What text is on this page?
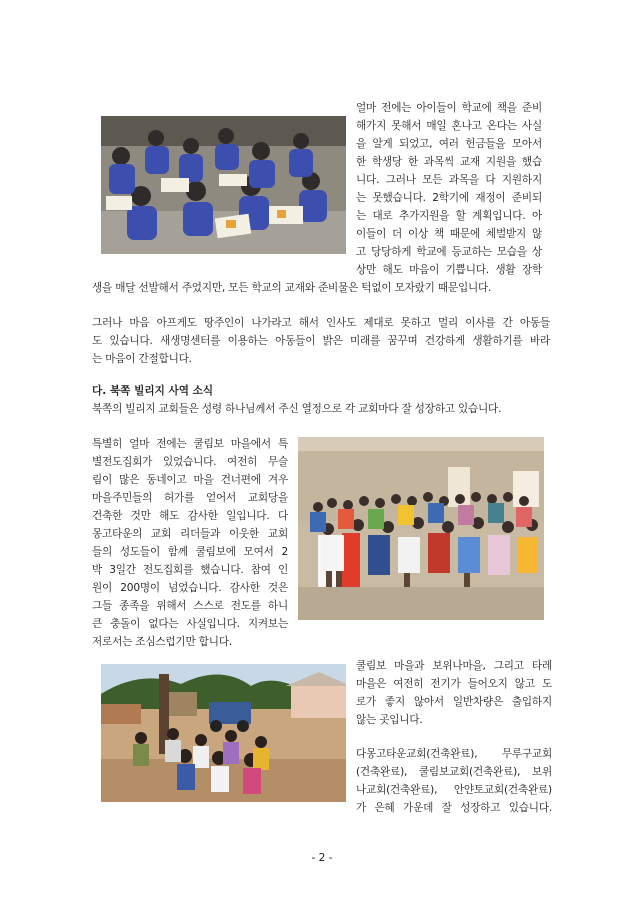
얼마 전에는 아이들이 학교에 책을 준비

해가지 못해서 매일 혼나고 온다는 사실

을 알게 되었고, 여러 헌금들을 모아서

한 학생당 한 과목씩 교재 지원을 했습

니다. 그러나 모든 과목을 다 지원하지

는 못했습니다. 2학기에 재정이 준비되

는 대로 추가지원을 할 계획입니다. 아

이들이 더 이상 책 때문에 체벌받지 않

고 당당하게 학교에 등교하는 모습을 상

상만 해도 마음이 기쁩니다. 생활 장학

생을 매달 선발해서 주었지만, 모든 학교의 교재와 준비물은 턱없이 모자랐기 때문입니다.

그러나 마음 아프게도 땅주인이 나가라고 해서 인사도 제대로 못하고 멀리 이사를 간 아동들

도 있습니다. 새생명센터를 이용하는 아동들이 밝은 미래를 꿈꾸며 건강하게 생활하기를 바라

는 마음이 간절합니다.

다. 북쪽 빌리지 사역 소식

북쪽의 빌리지 교회들은 성령 하나님께서 주신 열정으로 각 교회마다 잘 성장하고 있습니다.

특별히 얼마 전에는 쿨림보 마을에서 특

별전도집회가 있었습니다. 여전히 무슬

림이 많은 동네이고 마을 건너편에 겨우

마을주민들의 허가를 얻어서 교회당을

건축한 것만 해도 감사한 일입니다. 다

몽고타운의 교회 리더들과 이웃한 교회

들의 성도들이 함께 쿨림보에 모여서 2

박 3일간 전도집회를 했습니다. 참여 인

원이 200명이 넘었습니다. 감사한 것은

그들 종족을 위해서 스스로 전도를 하니

큰 충돌이 없다는 사실입니다. 지켜보는

저로서는 조심스럽기만 합니다.

쿨림보 마을과 보위나마을, 그리고 타레

마을은 여전히 전기가 들어오지 않고 도

로가 좋지 않아서 일반차량은 출입하지

않는 곳입니다.

다몽고타운교회(건축완료), 무루구교회

(건축완료), 쿨림보교회(건축완료), 보위

나교회(건축완료), 안얀토교회(건축완료)

가 은혜 가운데 잘 성장하고 있습니다.

- 2 -
